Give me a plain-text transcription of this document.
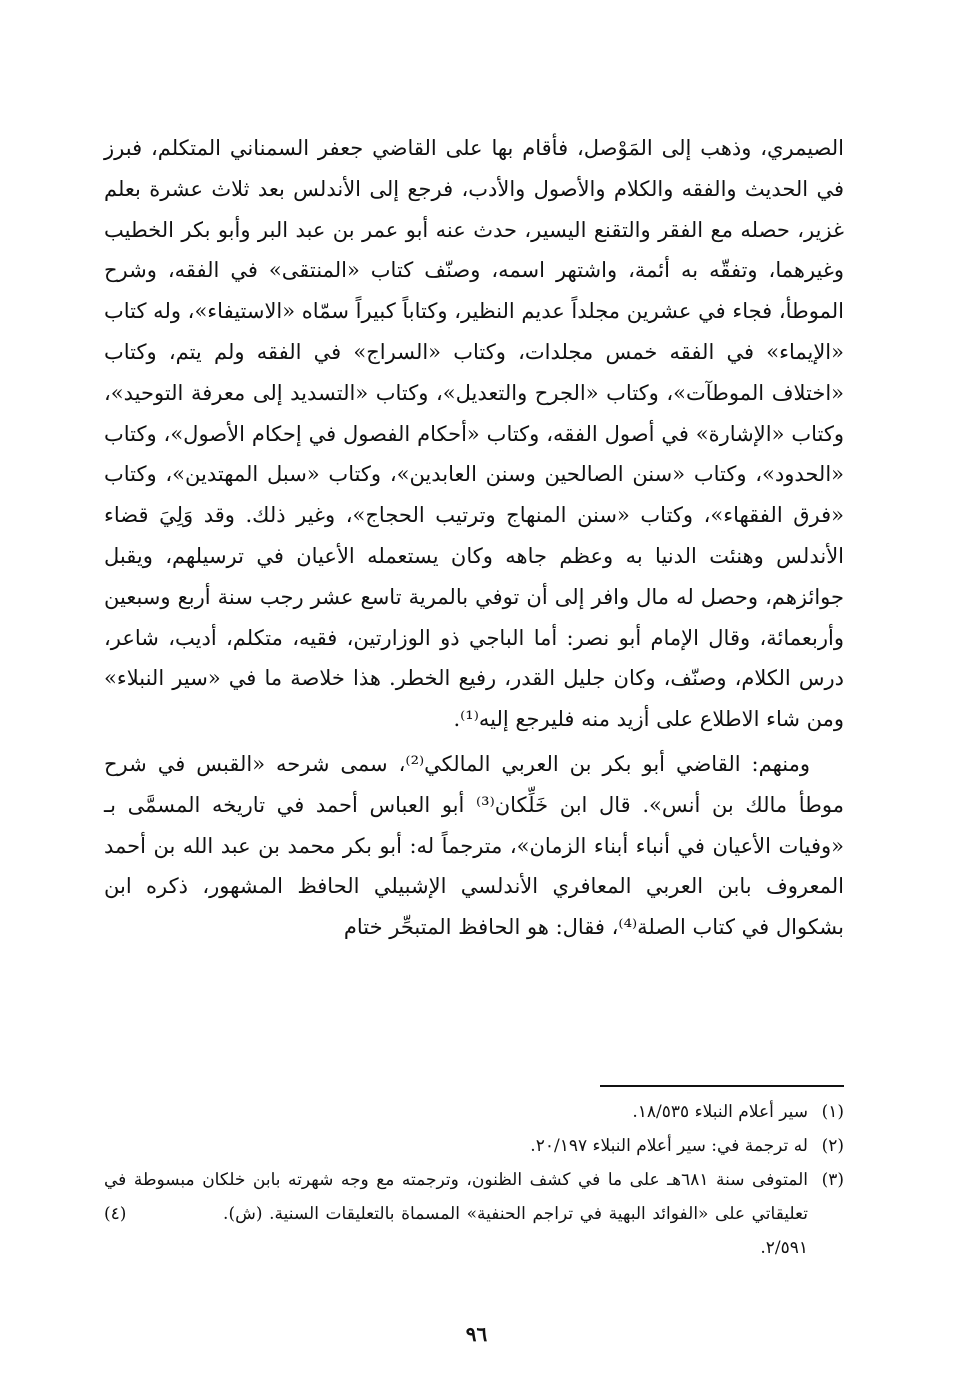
الصيمري، وذهب إلى المَوْصل، فأقام بها على القاضي جعفر السمناني المتكلم، فبرز في الحديث والفقه والكلام والأصول والأدب، فرجع إلى الأندلس بعد ثلاث عشرة بعلم غزير، حصله مع الفقر والتقنع اليسير، حدث عنه أبو عمر بن عبد البر وأبو بكر الخطيب وغيرهما، وتفقّه به أئمة، واشتهر اسمه، وصنّف كتاب «المنتقى» في الفقه، وشرح الموطأ، فجاء في عشرين مجلداً عديم النظير، وكتاباً كبيراً سمّاه «الاستيفاء»، وله كتاب «الإيماء» في الفقه خمس مجلدات، وكتاب «السراج» في الفقه ولم يتم، وكتاب «اختلاف الموطآت»، وكتاب «الجرح والتعديل»، وكتاب «التسديد إلى معرفة التوحيد»، وكتاب «الإشارة» في أصول الفقه، وكتاب «أحكام الفصول في إحكام الأصول»، وكتاب «الحدود»، وكتاب «سنن الصالحين وسنن العابدين»، وكتاب «سبل المهتدين»، وكتاب «فرق الفقهاء»، وكتاب «سنن المنهاج وترتيب الحجاج»، وغير ذلك. وقد وَلِيَ قضاء الأندلس وهنئت الدنيا به وعظم جاهه وكان يستعمله الأعيان في ترسيلهم، ويقبل جوائزهم، وحصل له مال وافر إلى أن توفي بالمرية تاسع عشر رجب سنة أربع وسبعين وأربعمائة، وقال الإمام أبو نصر: أما الباجي ذو الوزارتين، فقيه، متكلم، أديب، شاعر، درس الكلام، وصنّف، وكان جليل القدر، رفيع الخطر. هذا خلاصة ما في «سير النبلاء» ومن شاء الاطلاع على أزيد منه فليرجع إليه⁽¹⁾.

ومنهم: القاضي أبو بكر بن العربي المالكي⁽²⁾، سمى شرحه «القبس في شرح موطأ مالك بن أنس». قال ابن خَلِّكان⁽³⁾ أبو العباس أحمد في تاريخه المسمَّى بـ «وفيات الأعيان في أنباء أبناء الزمان»، مترجماً له: أبو بكر محمد بن عبد الله بن أحمد المعروف بابن العربي المعافري الأندلسي الإشبيلي الحافظ المشهور، ذكره ابن بشكوال في كتاب الصلة⁽⁴⁾، فقال: هو الحافظ المتبحِّر ختام

(١)
سير أعلام النبلاء ١٨/٥٣٥.
(٢)
له ترجمة في: سير أعلام النبلاء ٢٠/١٩٧.
(٣)
المتوفى سنة ٦٨١هـ على ما في كشف الظنون، وترجمته مع وجه شهرته بابن خلكان مبسوطة في تعليقاتي على «الفوائد البهية في تراجم الحنفية» المسماة بالتعليقات السنية. (ش). (٤) ٢/٥٩١.
٩٦
